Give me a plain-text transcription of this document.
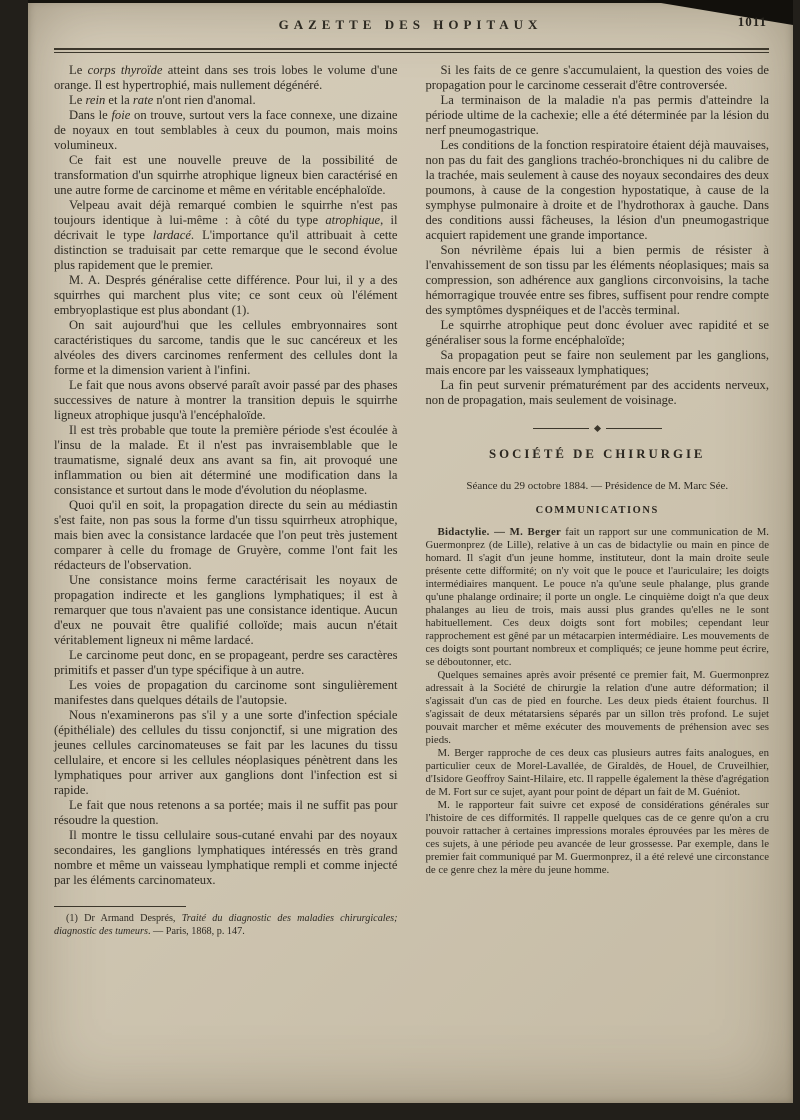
GAZETTE DES HOPITAUX	1011

Le corps thyroïde atteint dans ses trois lobes le volume d'une orange. Il est hypertrophié, mais nullement dégénéré.

Le rein et la rate n'ont rien d'anomal.

Dans le foie on trouve, surtout vers la face connexe, une dizaine de noyaux en tout semblables à ceux du poumon, mais moins volumineux.

Ce fait est une nouvelle preuve de la possibilité de transformation d'un squirrhe atrophique ligneux bien caractérisé en une autre forme de carcinome et même en véritable encéphaloïde.

Velpeau avait déjà remarqué combien le squirrhe n'est pas toujours identique à lui-même : à côté du type atrophique, il décrivait le type lardacé. L'importance qu'il attribuait à cette distinction se traduisait par cette remarque que le second évolue plus rapidement que le premier.

M. A. Després généralise cette différence. Pour lui, il y a des squirrhes qui marchent plus vite; ce sont ceux où l'élément embryoplastique est plus abondant (1).

On sait aujourd'hui que les cellules embryonnaires sont caractéristiques du sarcome, tandis que le suc cancéreux et les alvéoles des divers carcinomes renferment des cellules dont la forme et la dimension varient à l'infini.

Le fait que nous avons observé paraît avoir passé par des phases successives de nature à montrer la transition depuis le squirrhe ligneux atrophique jusqu'à l'encéphaloïde.

Il est très probable que toute la première période s'est écoulée à l'insu de la malade. Et il n'est pas invraisemblable que le traumatisme, signalé deux ans avant sa fin, ait provoqué une inflammation ou bien ait déterminé une modification dans la consistance et surtout dans le mode d'évolution du néoplasme.

Quoi qu'il en soit, la propagation directe du sein au médiastin s'est faite, non pas sous la forme d'un tissu squirrheux atrophique, mais bien avec la consistance lardacée que l'on peut très justement comparer à celle du fromage de Gruyère, comme l'ont fait les rédacteurs de l'observation.

Une consistance moins ferme caractérisait les noyaux de propagation indirecte et les ganglions lymphatiques; il est à remarquer que tous n'avaient pas une consistance identique. Aucun d'eux ne pouvait être qualifié colloïde; mais aucun n'était véritablement ligneux ni même lardacé.

Le carcinome peut donc, en se propageant, perdre ses caractères primitifs et passer d'un type spécifique à un autre.

Les voies de propagation du carcinome sont singulièrement manifestes dans quelques détails de l'autopsie.

Nous n'examinerons pas s'il y a une sorte d'infection spéciale (épithéliale) des cellules du tissu conjonctif, si une migration des jeunes cellules carcinomateuses se fait par les lacunes du tissu cellulaire, et encore si les cellules néoplasiques pénètrent dans les lymphatiques pour arriver aux ganglions dont l'infection est si rapide.

Le fait que nous retenons a sa portée; mais il ne suffit pas pour résoudre la question.

Il montre le tissu cellulaire sous-cutané envahi par des noyaux secondaires, les ganglions lymphatiques intéressés en très grand nombre et même un vaisseau lymphatique rempli et comme injecté par les éléments carcinomateux.

(1) Dr Armand Després, Traité du diagnostic des maladies chirurgicales; diagnostic des tumeurs. — Paris, 1868, p. 147.

Si les faits de ce genre s'accumulaient, la question des voies de propagation pour le carcinome cesserait d'être controversée.

La terminaison de la maladie n'a pas permis d'atteindre la période ultime de la cachexie; elle a été déterminée par la lésion du nerf pneumogastrique.

Les conditions de la fonction respiratoire étaient déjà mauvaises, non pas du fait des ganglions trachéo-bronchiques ni du calibre de la trachée, mais seulement à cause des noyaux secondaires des deux poumons, à cause de la congestion hypostatique, à cause de la symphyse pulmonaire à droite et de l'hydrothorax à gauche. Dans des conditions aussi fâcheuses, la lésion d'un pneumogastrique acquiert rapidement une grande importance.

Son névrilème épais lui a bien permis de résister à l'envahissement de son tissu par les éléments néoplasiques; mais sa compression, son adhérence aux ganglions circonvoisins, la tache hémorragique trouvée entre ses fibres, suffisent pour rendre compte des symptômes dyspnéiques et de l'accès terminal.

Le squirrhe atrophique peut donc évoluer avec rapidité et se généraliser sous la forme encéphaloïde;

Sa propagation peut se faire non seulement par les ganglions, mais encore par les vaisseaux lymphatiques;

La fin peut survenir prématurément par des accidents nerveux, non de propagation, mais seulement de voisinage.

SOCIÉTÉ DE CHIRURGIE

Séance du 29 octobre 1884. — Présidence de M. Marc Sée.

COMMUNICATIONS

Bidactylie. — M. Berger fait un rapport sur une communication de M. Guermonprez (de Lille), relative à un cas de bidactylie ou main en pince de homard. Il s'agit d'un jeune homme, instituteur, dont la main droite seule présente cette difformité; on n'y voit que le pouce et l'auriculaire; les doigts intermédiaires manquent. Le pouce n'a qu'une seule phalange, plus grande qu'une phalange ordinaire; il porte un ongle. Le cinquième doigt n'a que deux phalanges au lieu de trois, mais aussi plus grandes qu'elles ne le sont habituellement. Ces deux doigts sont fort mobiles; cependant leur rapprochement est gêné par un métacarpien intermédiaire. Les mouvements de ces doigts sont pourtant nombreux et compliqués; ce jeune homme peut écrire, se déboutonner, etc.

Quelques semaines après avoir présenté ce premier fait, M. Guermonprez adressait à la Société de chirurgie la relation d'une autre déformation; il s'agissait d'un cas de pied en fourche. Les deux pieds étaient fourchus. Il s'agissait de deux métatarsiens séparés par un sillon très profond. Le sujet pouvait marcher et même exécuter des mouvements de préhension avec ses pieds.

M. Berger rapproche de ces deux cas plusieurs autres faits analogues, en particulier ceux de Morel-Lavallée, de Giraldès, de Houel, de Cruveilhier, d'Isidore Geoffroy Saint-Hilaire, etc. Il rappelle également la thèse d'agrégation de M. Fort sur ce sujet, ayant pour point de départ un fait de M. Guéniot.

M. le rapporteur fait suivre cet exposé de considérations générales sur l'histoire de ces difformités. Il rappelle quelques cas de ce genre qu'on a cru pouvoir rattacher à certaines impressions morales éprouvées par les mères de ces sujets, à une période peu avancée de leur grossesse. Par exemple, dans le premier fait communiqué par M. Guermonprez, il a été relevé une circonstance de ce genre chez la mère du jeune homme.
